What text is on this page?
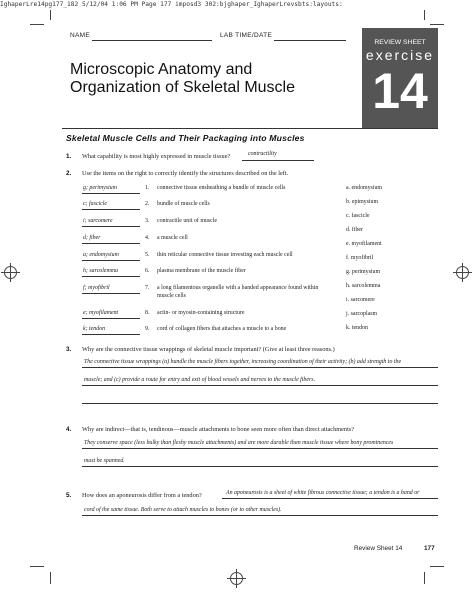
IghaperLre14pg177_182 5/12/04 1:06 PM Page 177 imposd3 302:bjghaper_IghaperLrevsbts:layouts:
NAME	LAB TIME/DATE
Microscopic Anatomy and
Organization of Skeletal Muscle
REVIEW SHEET
exercise
14
Skeletal Muscle Cells and Their Packaging into Muscles
1. What capability is most highly expressed in muscle tissue?	contractility
2. Use the items on the right to correctly identify the structures described on the left.
g; perimysium	1. connective tissue ensheathing a bundle of muscle cells
c; fascicle	2. bundle of muscle cells
i; sarcomere	3. contractile unit of muscle
d; fiber	4. a muscle cell
a; endomysium	5. thin reticular connective tissue investing each muscle cell
h; sarcolemma	6. plasma membrane of the muscle fiber
f; myofibril	7. a long filamentous organelle with a banded appearance found within
muscle cells
e; myofilament	8. actin- or myosin-containing structure
k; tendon	9. cord of collagen fibers that attaches a muscle to a bone
a. endomysium
b. epimysium
c. fascicle
d. fiber
e. myofilament
f. myofibril
g. perimysium
h. sarcolemma
i. sarcomere
j. sarcoplasm
k. tendon
3. Why are the connective tissue wrappings of skeletal muscle important? (Give at least three reasons.)
The connective tissue wrappings (a) bundle the muscle fibers together, increasing coordination of their activity; (b) add strength to the
muscle; and (c) provide a route for entry and exit of blood vessels and nerves to the muscle fibers.
4. Why are indirect—that is, tendinous—muscle attachments to bone seen more often than direct attachments?
They conserve space (less bulky than fleshy muscle attachments) and are more durable than muscle tissue where bony prominences
must be spanned.
5. How does an aponeurosis differ from a tendon?	An aponeurosis is a sheet of white fibrous connective tissue; a tendon is a band or
cord of the same tissue. Both serve to attach muscles to bones (or to other muscles).
Review Sheet 14	177
